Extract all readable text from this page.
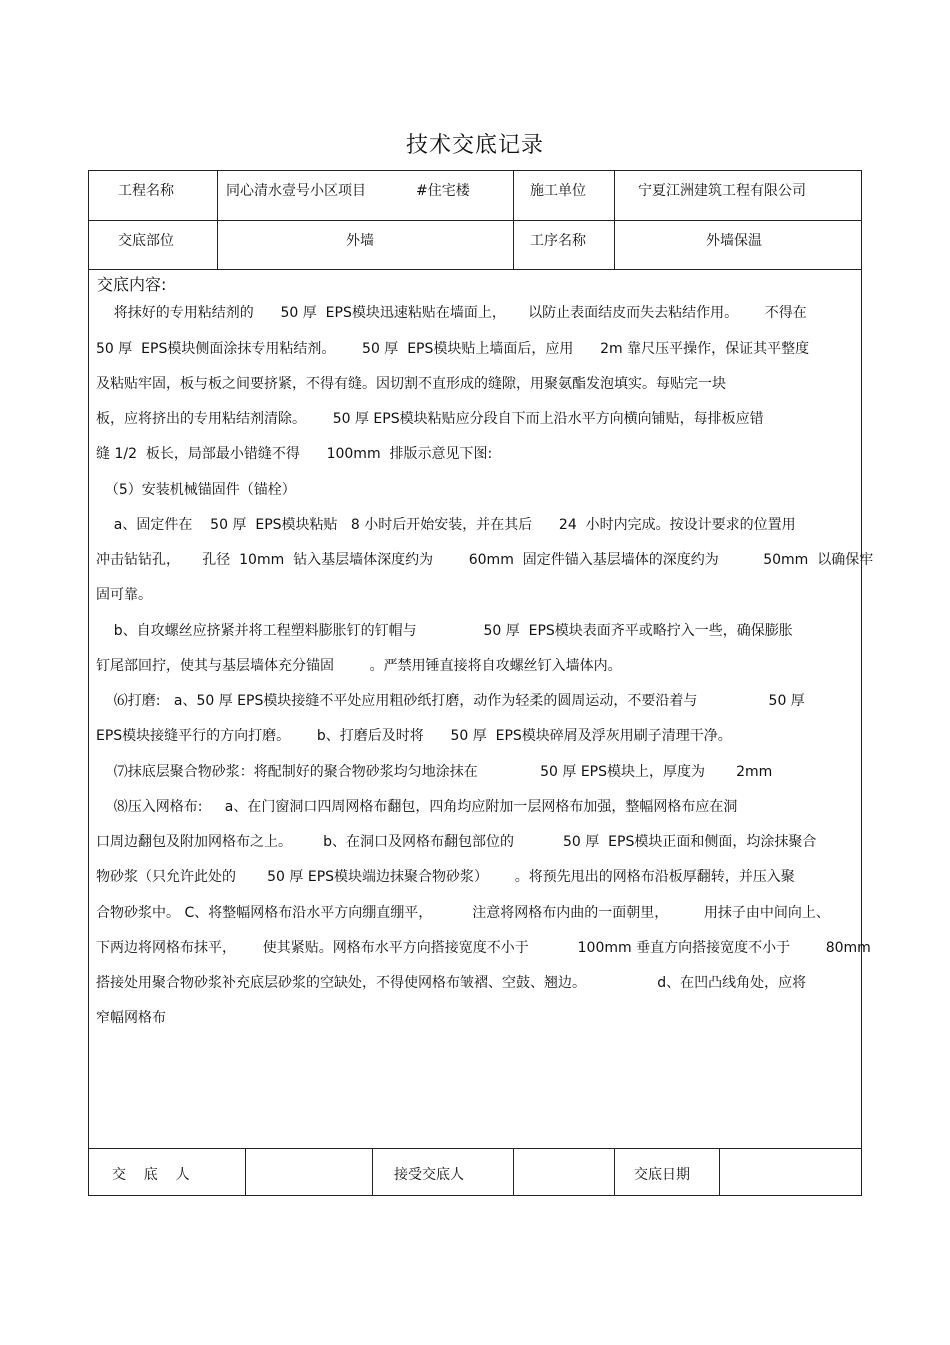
技术交底记录
工程名称	同心清水壹号小区项目	#住宅楼	施工单位	宁夏江洲建筑工程有限公司
交底部位	外墙	工序名称	外墙保温
交底内容:
将抹好的专用粘结剂的      50 厚  EPS模块迅速粘贴在墙面上，     以防止表面结皮而失去粘结作用。      不得在
50 厚  EPS模块侧面涂抹专用粘结剂。      50 厚  EPS模块贴上墙面后，应用      2m 靠尺压平操作，保证其平整度
及粘贴牢固，板与板之间要挤紧，不得有缝。因切割不直形成的缝隙，用聚氨酯发泡填实。每贴完一块
板，应将挤出的专用粘结剂清除。      50 厚 EPS模块粘贴应分段自下而上沿水平方向横向铺贴，每排板应错
缝 1/2  板长，局部最小错缝不得      100mm  排版示意见下图:
（5）安装机械锚固件（锚栓）
a、固定件在    50 厚  EPS模块粘贴   8 小时后开始安装，并在其后      24  小时内完成。按设计要求的位置用
冲击钻钻孔，     孔径  10mm  钻入基层墙体深度约为        60mm  固定件锚入基层墙体的深度约为          50mm  以确保牢
固可靠。
b、自攻螺丝应挤紧并将工程塑料膨胀钉的钉帽与               50 厚  EPS模块表面齐平或略拧入一些，确保膨胀
钉尾部回拧，使其与基层墙体充分锚固        。严禁用锤直接将自攻螺丝钉入墙体内。
⑹打磨:   a、50 厚 EPS模块接缝不平处应用粗砂纸打磨，动作为轻柔的圆周运动，不要沿着与                50 厚
EPS模块接缝平行的方向打磨。      b、打磨后及时将      50 厚  EPS模块碎屑及浮灰用刷子清理干净。
⑺抹底层聚合物砂浆：将配制好的聚合物砂浆均匀地涂抹在              50 厚 EPS模块上，厚度为       2mm
⑻压入网格布:     a、在门窗洞口四周网格布翻包，四角均应附加一层网格布加强，整幅网格布应在洞
口周边翻包及附加网格布之上。       b、在洞口及网格布翻包部位的           50 厚  EPS模块正面和侧面，均涂抹聚合
物砂浆（只允许此处的       50 厚 EPS模块端边抹聚合物砂浆）      。将预先甩出的网格布沿板厚翻转，并压入聚
合物砂浆中。 C、将整幅网格布沿水平方向绷直绷平，         注意将网格布内曲的一面朝里，        用抹子由中间向上、
下两边将网格布抹平，      使其紧贴。网格布水平方向搭接宽度不小于           100mm 垂直方向搭接宽度不小于        80mm
搭接处用聚合物砂浆补充底层砂浆的空缺处，不得使网格布皱褶、空鼓、翘边。                d、在凹凸线角处，应将
窄幅网格布
交    底    人	接受交底人	交底日期
